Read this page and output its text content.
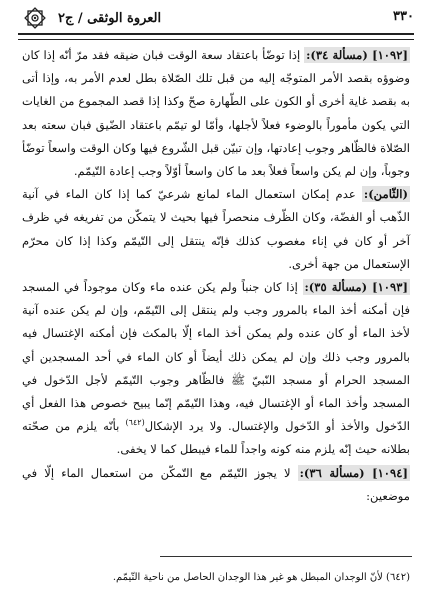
العروة الوثقى / ج٢	٣٣٠

[١٠٩٢] (مسألة ٣٤): إذا توضّأ باعتقاد سعة الوقت فبان ضيقه فقد مرّ أنّه إذا كان وضوؤه بقصد الأمر المتوجّه إليه من قبل تلك الصّلاة بطل لعدم الأمر به، وإذا أتى به بقصد غاية أخرى أو الكون على الطّهارة صحّ وكذا إذا قصد المجموع من الغايات التي يكون مأموراً بالوضوء فعلاً لأجلها، وأمّا لو تيمّم باعتقاد الضّيق فبان سعته بعد الصّلاة فالظّاهر وجوب إعادتها، وإن تبيّن قبل الشّروع فيها وكان الوقت واسعاً توضّأ وجوباً، وإن لم يكن واسعاً فعلاً بعد ما كان واسعاً أوّلاً وجب إعادة التّيمّم.

(الثّامن): عدم إمكان استعمال الماء لمانع شرعيّ كما إذا كان الماء في آنية الذّهب أو الفضّة، وكان الظّرف منحصراً فيها بحيث لا يتمكّن من تفريغه في ظرف آخر أو كان في إناء مغصوب كذلك فإنّه ينتقل إلى التّيمّم وكذا إذا كان محرّم الإستعمال من جهة أخرى.

[١٠٩٣] (مسألة ٣٥): إذا كان جنباً ولم يكن عنده ماء وكان موجوداً في المسجد فإن أمكنه أخذ الماء بالمرور وجب ولم ينتقل إلى التّيمّم، وإن لم يكن عنده آنية لأخذ الماء أو كان عنده ولم يمكن أخذ الماء إلّا بالمكث فإن أمكنه الإغتسال فيه بالمرور وجب ذلك وإن لم يمكن ذلك أيضاً أو كان الماء في أحد المسجدين أي المسجد الحرام أو مسجد النّبيّ ﷺ فالظّاهر وجوب التّيمّم لأجل الدّخول في المسجد وأخذ الماء أو الإغتسال فيه، وهذا التّيمّم إنّما يبيح خصوص هذا الفعل أي الدّخول والأخذ أو الدّخول والإغتسال. ولا يرد الإشكال$^{(٦٤٢)}$ بأنّه يلزم من صحّته بطلانه حيث إنّه يلزم منه كونه واجداً للماء فيبطل كما لا يخفى.

[١٠٩٤] (مسألة ٣٦): لا يجوز التّيمّم مع التّمكّن من استعمال الماء إلّا في موضعين:

(٦٤٢) لأنّ الوجدان المبطل هو غير هذا الوجدان الحاصل من ناحية التّيمّم.
